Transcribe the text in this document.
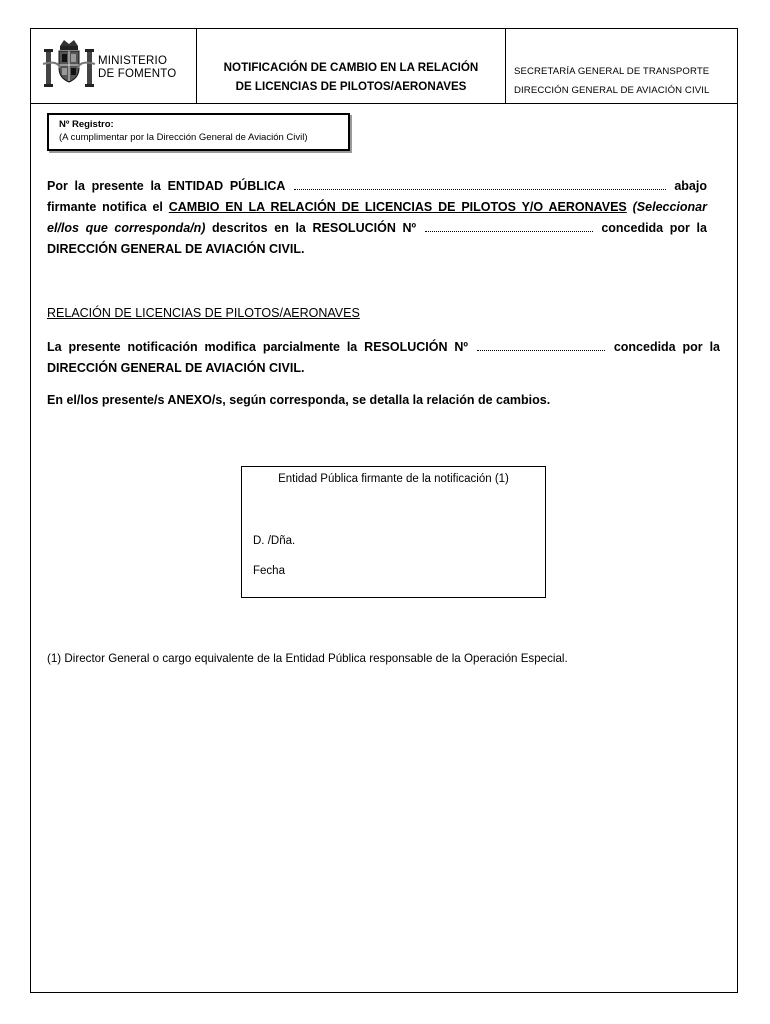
MINISTERIO
DE FOMENTO	NOTIFICACIÓN DE CAMBIO EN LA RELACIÓN
DE LICENCIAS DE PILOTOS/AERONAVES
SECRETARÍA GENERAL DE TRANSPORTE
DIRECCIÓN GENERAL DE AVIACIÓN CIVIL
Nº Registro:
(A cumplimentar por la Dirección General de Aviación Civil)
Por la presente la ENTIDAD PÚBLICA	abajo firmante notifica el CAMBIO EN LA RELACIÓN DE LICENCIAS DE PILOTOS Y/O AERONAVES (Seleccionar el/los que corresponda/n) descritos en la RESOLUCIÓN Nº	concedida por la DIRECCIÓN GENERAL DE AVIACIÓN CIVIL.
RELACIÓN DE LICENCIAS DE PILOTOS/AERONAVES
La presente notificación modifica parcialmente la RESOLUCIÓN Nº	concedida por la DIRECCIÓN GENERAL DE AVIACIÓN CIVIL.
En el/los presente/s ANEXO/s, según corresponda, se detalla la relación de cambios.
Entidad Pública firmante de la notificación (1)
D. /Dña.
Fecha
(1) Director General o cargo equivalente de la Entidad Pública responsable de la Operación Especial.
